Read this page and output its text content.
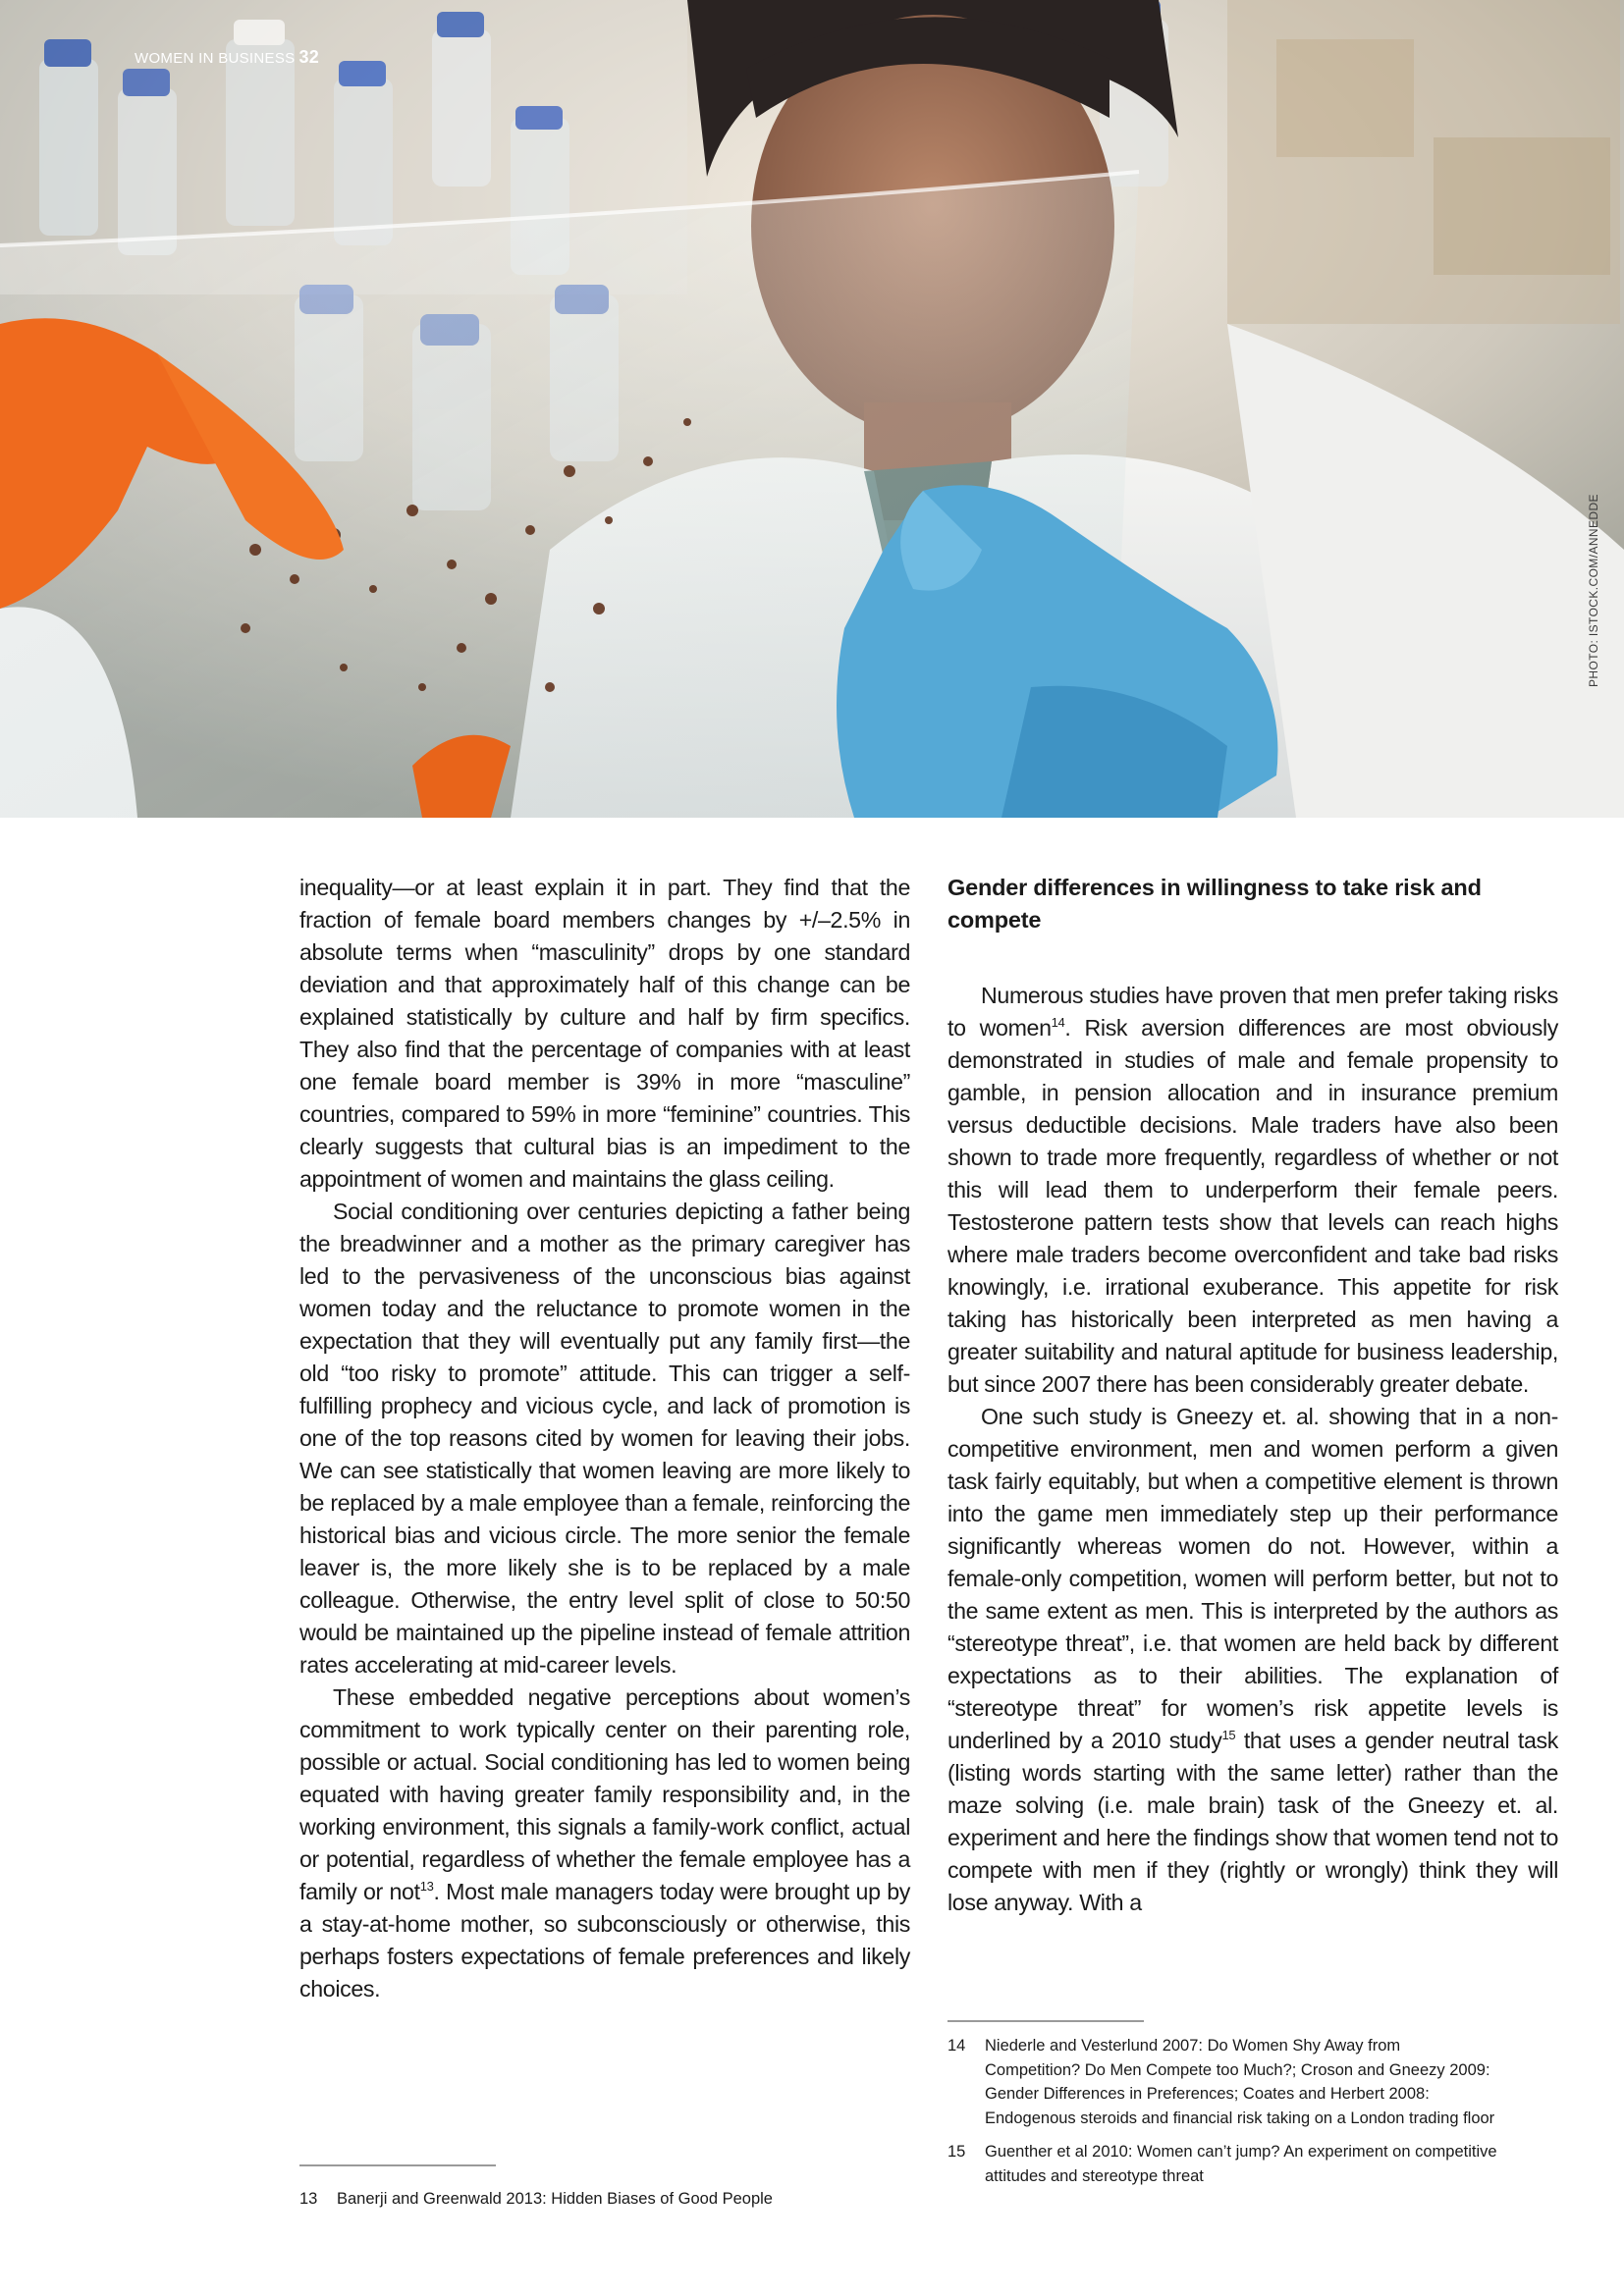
WOMEN IN BUSINESS 32
PHOTO: ISTOCK.COM/ANNEDDE

inequality—or at least explain it in part. They find that the fraction of female board members changes by +/–2.5% in absolute terms when “masculinity” drops by one standard deviation and that approximately half of this change can be explained statistically by culture and half by firm specifics. They also find that the percentage of companies with at least one female board member is 39% in more “masculine” countries, compared to 59% in more “feminine” countries. This clearly suggests that cultural bias is an impediment to the appointment of women and maintains the glass ceiling.

Social conditioning over centuries depicting a father being the breadwinner and a mother as the primary caregiver has led to the pervasiveness of the unconscious bias against women today and the reluctance to promote women in the expectation that they will eventually put any family first—the old “too risky to promote” attitude. This can trigger a self-fulfilling prophecy and vicious cycle, and lack of promotion is one of the top reasons cited by women for leaving their jobs. We can see statistically that women leaving are more likely to be replaced by a male employee than a female, reinforcing the historical bias and vicious circle. The more senior the female leaver is, the more likely she is to be replaced by a male colleague. Otherwise, the entry level split of close to 50:50 would be maintained up the pipeline instead of female attrition rates accelerating at mid-career levels.

These embedded negative perceptions about women’s commitment to work typically center on their parenting role, possible or actual. Social conditioning has led to women being equated with having greater family responsibility and, in the working environment, this signals a family-work conflict, actual or potential, regardless of whether the female employee has a family or not$^{13}$. Most male managers today were brought up by a stay-at-home mother, so subconsciously or otherwise, this perhaps fosters expectations of female preferences and likely choices.

Gender differences in willingness to take risk and compete

Numerous studies have proven that men prefer taking risks to women$^{14}$. Risk aversion differences are most obviously demonstrated in studies of male and female propensity to gamble, in pension allocation and in insurance premium versus deductible decisions. Male traders have also been shown to trade more frequently, regardless of whether or not this will lead them to underperform their female peers. Testosterone pattern tests show that levels can reach highs where male traders become overconfident and take bad risks knowingly, i.e. irrational exuberance. This appetite for risk taking has historically been interpreted as men having a greater suitability and natural aptitude for business leadership, but since 2007 there has been considerably greater debate.

One such study is Gneezy et. al. showing that in a non-competitive environment, men and women perform a given task fairly equitably, but when a competitive element is thrown into the game men immediately step up their performance significantly whereas women do not. However, within a female-only competition, women will perform better, but not to the same extent as men. This is interpreted by the authors as “stereotype threat”, i.e. that women are held back by different expectations as to their abilities. The explanation of “stereotype threat” for women’s risk appetite levels is underlined by a 2010 study$^{15}$ that uses a gender neutral task (listing words starting with the same letter) rather than the maze solving (i.e. male brain) task of the Gneezy et. al. experiment and here the findings show that women tend not to compete with men if they (rightly or wrongly) think they will lose anyway. With a

13	Banerji and Greenwald 2013: Hidden Biases of Good People
14	Niederle and Vesterlund 2007: Do Women Shy Away from Competition? Do Men Compete too Much?; Croson and Gneezy 2009: Gender Differences in Preferences; Coates and Herbert 2008: Endogenous steroids and financial risk taking on a London trading floor
15	Guenther et al 2010: Women can’t jump? An experiment on competitive attitudes and stereotype threat
